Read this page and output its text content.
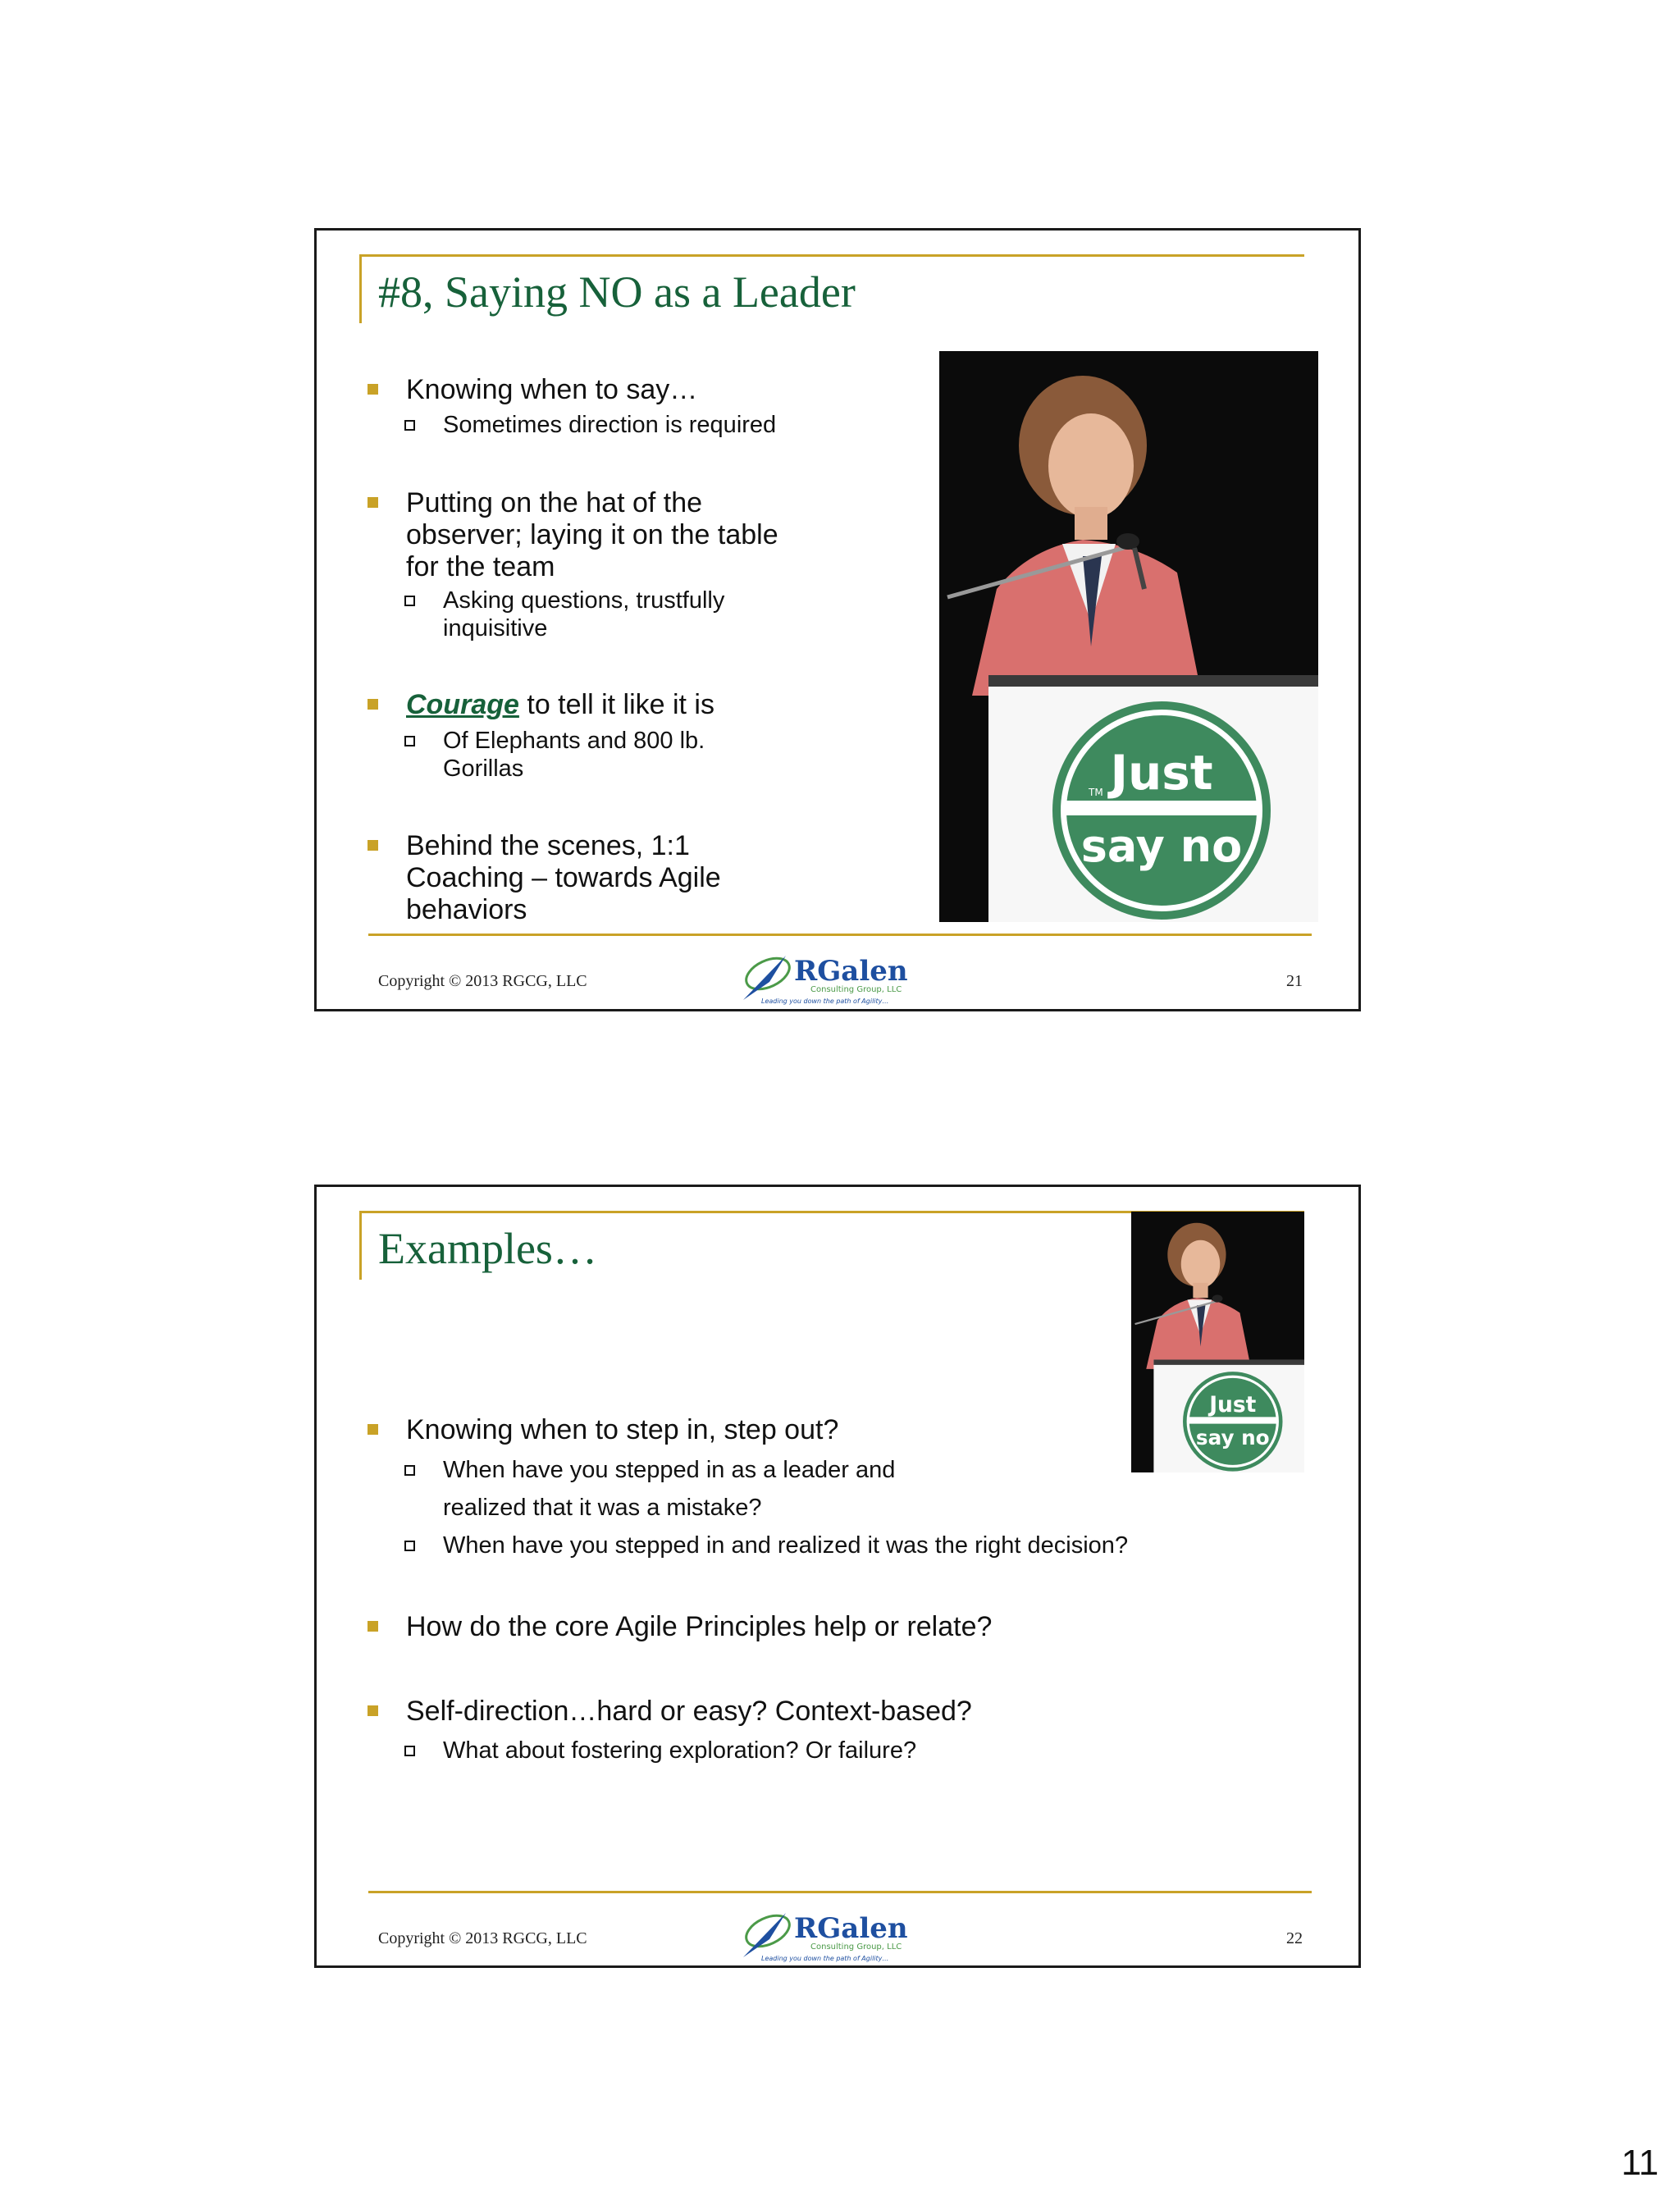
#8, Saying NO as a Leader
Knowing when to say…
Sometimes direction is required
Putting on the hat of the
observer; laying it on the table
for the team
Asking questions, trustfully
inquisitive
Courage to tell it like it is
Of Elephants and 800 lb.
Gorillas
Behind the scenes, 1:1
Coaching – towards Agile
behaviors
Just
say no
TM
Copyright © 2013 RGCG, LLC	RGalen
Consulting Group, LLC
Leading you down the path of Agility…
21
Examples…
Just
say no
Knowing when to step in, step out?
When have you stepped in as a leader and
realized that it was a mistake?
When have you stepped in and realized it was the right decision?
How do the core Agile Principles help or relate?
Self-direction…hard or easy? Context-based?
What about fostering exploration? Or failure?
Copyright © 2013 RGCG, LLC	RGalen
Consulting Group, LLC
Leading you down the path of Agility…
22
11
